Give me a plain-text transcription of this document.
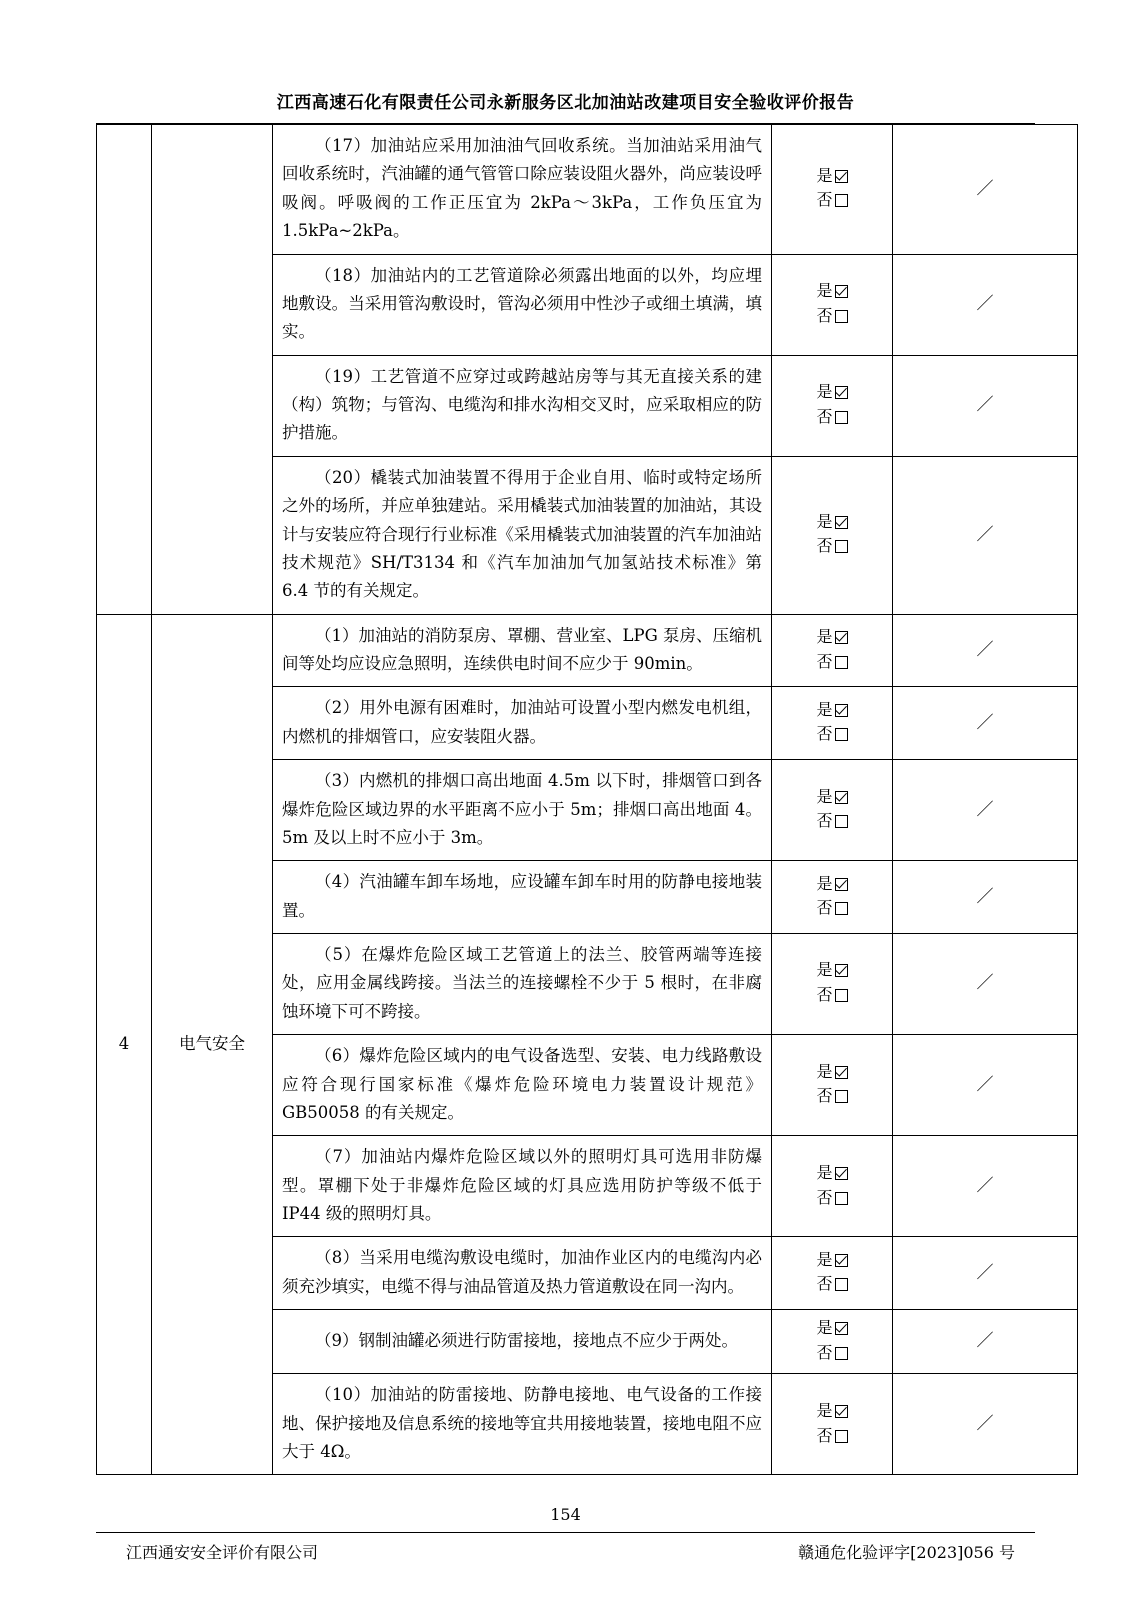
江西高速石化有限责任公司永新服务区北加油站改建项目安全验收评价报告

		（17）加油站应采用加油油气回收系统。当加油站采用油气回收系统时，汽油罐的通气管管口除应装设阻火器外，尚应装设呼吸阀。呼吸阀的工作正压宜为 2kPa～3kPa，工作负压宜为 1.5kPa~2kPa。	是
否	／

		（18）加油站内的工艺管道除必须露出地面的以外，均应埋地敷设。当采用管沟敷设时，管沟必须用中性沙子或细土填满，填实。	是
否	／

		（19）工艺管道不应穿过或跨越站房等与其无直接关系的建（构）筑物；与管沟、电缆沟和排水沟相交叉时，应采取相应的防护措施。	是
否	／

		（20）橇装式加油装置不得用于企业自用、临时或特定场所之外的场所，并应单独建站。采用橇装式加油装置的加油站，其设计与安装应符合现行行业标准《采用橇装式加油装置的汽车加油站技术规范》SH/T3134 和《汽车加油加气加氢站技术标准》第 6.4 节的有关规定。	是
否	／
4	电气安全	（1）加油站的消防泵房、罩棚、营业室、LPG 泵房、压缩机间等处均应设应急照明，连续供电时间不应少于 90min。	是
否	／

		（2）用外电源有困难时，加油站可设置小型内燃发电机组，内燃机的排烟管口，应安装阻火器。	是
否	／

		（3）内燃机的排烟口高出地面 4.5m 以下时，排烟管口到各爆炸危险区域边界的水平距离不应小于 5m；排烟口高出地面 4。5m 及以上时不应小于 3m。	是
否	／

		（4）汽油罐车卸车场地，应设罐车卸车时用的防静电接地装置。	是
否	／

		（5）在爆炸危险区域工艺管道上的法兰、胶管两端等连接处，应用金属线跨接。当法兰的连接螺栓不少于 5 根时，在非腐蚀环境下可不跨接。	是
否	／

		（6）爆炸危险区域内的电气设备选型、安装、电力线路敷设应符合现行国家标准《爆炸危险环境电力装置设计规范》GB50058 的有关规定。	是
否	／

		（7）加油站内爆炸危险区域以外的照明灯具可选用非防爆型。罩棚下处于非爆炸危险区域的灯具应选用防护等级不低于 IP44 级的照明灯具。	是
否	／

		（8）当采用电缆沟敷设电缆时，加油作业区内的电缆沟内必须充沙填实，电缆不得与油品管道及热力管道敷设在同一沟内。	是
否	／

		（9）钢制油罐必须进行防雷接地，接地点不应少于两处。	是
否	／

		（10）加油站的防雷接地、防静电接地、电气设备的工作接地、保护接地及信息系统的接地等宜共用接地装置，接地电阻不应大于 4Ω。	是
否	／
154
江西通安安全评价有限公司	赣通危化验评字[2023]056 号
